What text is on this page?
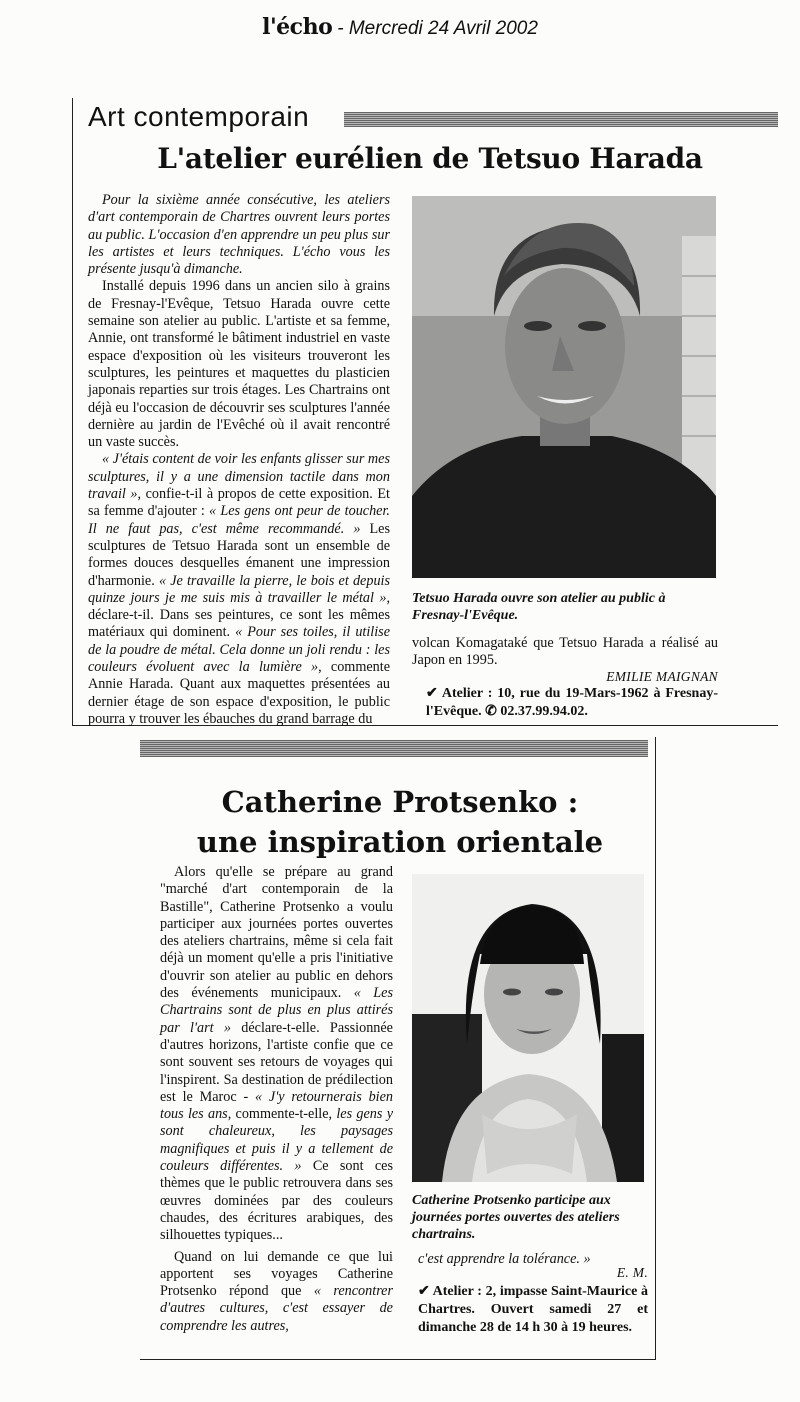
l'écho - Mercredi 24 Avril 2002
Art contemporain
L'atelier eurélien de Tetsuo Harada

Pour la sixième année consécutive, les ateliers d'art contemporain de Chartres ouvrent leurs portes au public. L'occasion d'en apprendre un peu plus sur les artistes et leurs techniques. L'écho vous les présente jusqu'à dimanche.

Installé depuis 1996 dans un ancien silo à grains de Fresnay-l'Evêque, Tetsuo Harada ouvre cette semaine son atelier au public. L'artiste et sa femme, Annie, ont transformé le bâtiment industriel en vaste espace d'exposition où les visiteurs trouveront les sculptures, les peintures et maquettes du plasticien japonais reparties sur trois étages. Les Chartrains ont déjà eu l'occasion de découvrir ses sculptures l'année dernière au jardin de l'Evêché où il avait rencontré un vaste succès.

« J'étais content de voir les enfants glisser sur mes sculptures, il y a une dimension tactile dans mon travail », confie-t-il à propos de cette exposition. Et sa femme d'ajouter : « Les gens ont peur de toucher. Il ne faut pas, c'est même recommandé. » Les sculptures de Tetsuo Harada sont un ensemble de formes douces desquelles émanent une impression d'harmonie. « Je travaille la pierre, le bois et depuis quinze jours je me suis mis à travailler le métal », déclare-t-il. Dans ses peintures, ce sont les mêmes matériaux qui dominent. « Pour ses toiles, il utilise de la poudre de métal. Cela donne un joli rendu : les couleurs évoluent avec la lumière », commente Annie Harada. Quant aux maquettes présentées au dernier étage de son espace d'exposition, le public pourra y trouver les ébauches du grand barrage du

Tetsuo Harada ouvre son atelier au public à Fresnay-l'Evêque.

volcan Komagataké que Tetsuo Harada a réalisé au Japon en 1995.

EMILIE MAIGNAN
✔ Atelier : 10, rue du 19-Mars-1962 à Fresnay-l'Evêque. ✆ 02.37.99.94.02.
Catherine Protsenko :
une inspiration orientale

Alors qu'elle se prépare au grand "marché d'art contemporain de la Bastille", Catherine Protsenko a voulu participer aux journées portes ouvertes des ateliers chartrains, même si cela fait déjà un moment qu'elle a pris l'initiative d'ouvrir son atelier au public en dehors des événements municipaux. « Les Chartrains sont de plus en plus attirés par l'art » déclare-t-elle. Passionnée d'autres horizons, l'artiste confie que ce sont souvent ses retours de voyages qui l'inspirent. Sa destination de prédilection est le Maroc - « J'y retournerais bien tous les ans, commente-t-elle, les gens y sont chaleureux, les paysages magnifiques et puis il y a tellement de couleurs différentes. » Ce sont ces thèmes que le public retrouvera dans ses œuvres dominées par des couleurs chaudes, des écritures arabiques, des silhouettes typiques...

Quand on lui demande ce que lui apportent ses voyages Catherine Protsenko répond que « rencontrer d'autres cultures, c'est essayer de comprendre les autres,

Catherine Protsenko participe aux journées portes ouvertes des ateliers chartrains.

c'est apprendre la tolérance. »

E. M.
✔ Atelier : 2, impasse Saint-Maurice à Chartres. Ouvert samedi 27 et dimanche 28 de 14 h 30 à 19 heures.
